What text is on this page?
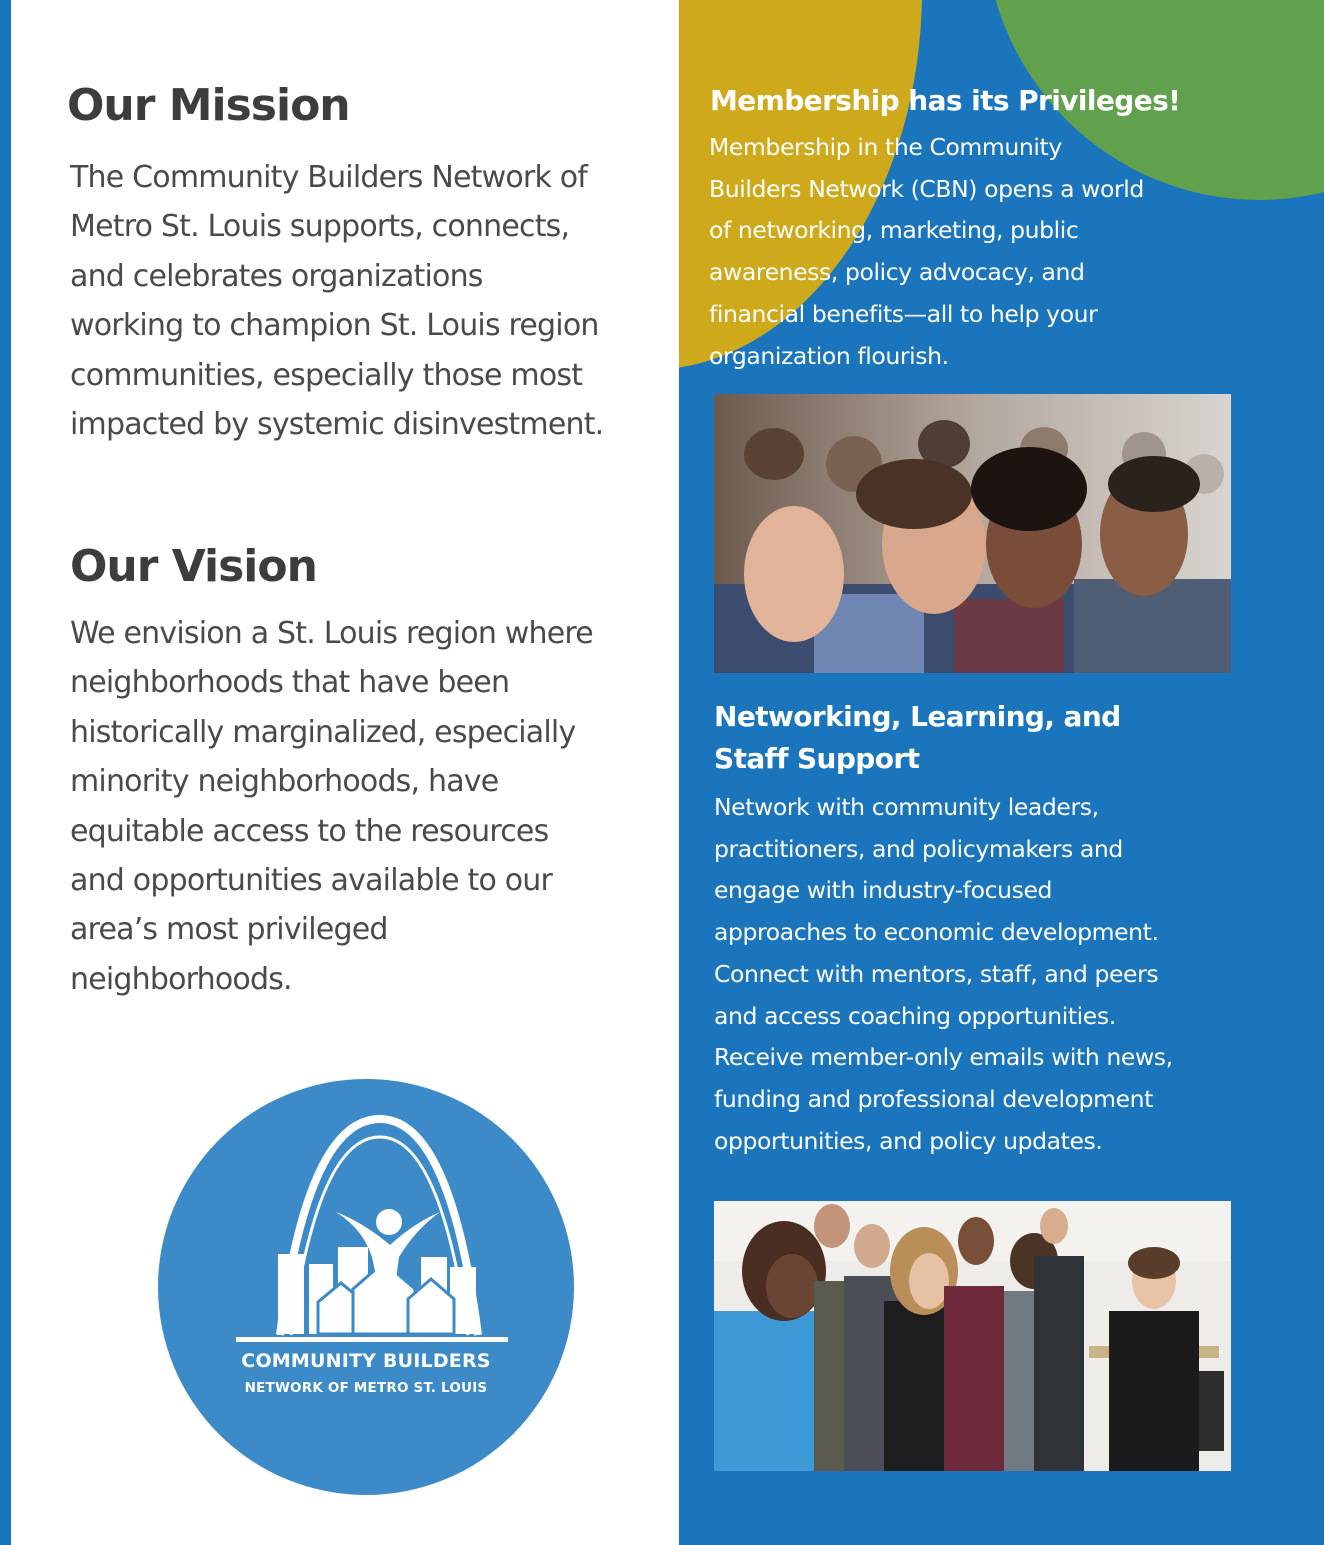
Our Mission
The Community Builders Network of
Metro St. Louis supports, connects,
and celebrates organizations
working to champion St. Louis region
communities, especially those most
impacted by systemic disinvestment.
Our Vision
We envision a St. Louis region where
neighborhoods that have been
historically marginalized, especially
minority neighborhoods, have
equitable access to the resources
and opportunities available to our
area’s most privileged
neighborhoods.
COMMUNITY BUILDERS
NETWORK OF METRO ST. LOUIS
Membership has its Privileges!
Membership in the Community
Builders Network (CBN) opens a world
of networking, marketing, public
awareness, policy advocacy, and
financial benefits—all to help your
organization flourish.
Networking, Learning, and
Staff Support
Network with community leaders,
practitioners, and policymakers and
engage with industry-focused
approaches to economic development.
Connect with mentors, staff, and peers
and access coaching opportunities.
Receive member-only emails with news,
funding and professional development
opportunities, and policy updates.
